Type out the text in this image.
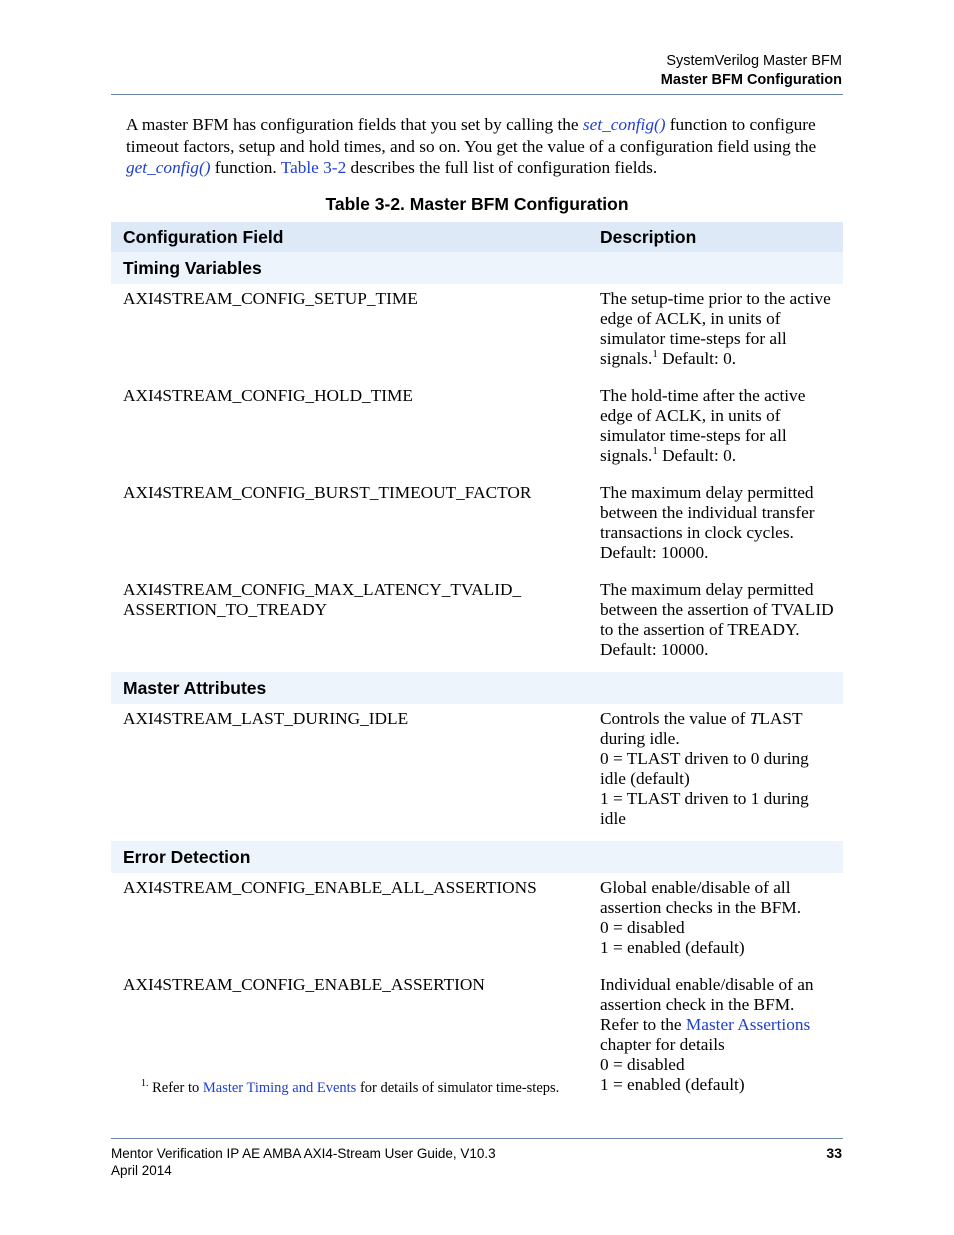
SystemVerilog Master BFM
Master BFM Configuration
A master BFM has configuration fields that you set by calling the set_config() function to configure timeout factors, setup and hold times, and so on. You get the value of a configuration field using the get_config() function. Table 3-2 describes the full list of configuration fields.
Table 3-2. Master BFM Configuration
Configuration Field	Description
Timing Variables	
AXI4STREAM_CONFIG_SETUP_TIME	The setup-time prior to the active edge of ACLK, in units of simulator time-steps for all signals.$^1$ Default: 0.
AXI4STREAM_CONFIG_HOLD_TIME	The hold-time after the active edge of ACLK, in units of simulator time-steps for all signals.$^1$ Default: 0.
AXI4STREAM_CONFIG_BURST_TIMEOUT_FACTOR	The maximum delay permitted between the individual transfer transactions in clock cycles. Default: 10000.

AXI4STREAM_CONFIG_MAX_LATENCY_TVALID_
ASSERTION_TO_TREADY	The maximum delay permitted between the assertion of TVALID to the assertion of TREADY. Default: 10000.
Master Attributes	
AXI4STREAM_LAST_DURING_IDLE	Controls the value of TLAST during idle.
0 = TLAST driven to 0 during idle (default)
1 = TLAST driven to 1 during idle

Error Detection	
AXI4STREAM_CONFIG_ENABLE_ALL_ASSERTIONS	Global enable/disable of all assertion checks in the BFM.
0 = disabled
1 = enabled (default)

AXI4STREAM_CONFIG_ENABLE_ASSERTION	Individual enable/disable of an assertion check in the BFM. Refer to the Master Assertions chapter for details
0 = disabled
1 = enabled (default)
$^{1.}$ Refer to Master Timing and Events for details of simulator time-steps.
Mentor Verification IP AE AMBA AXI4-Stream User Guide, V10.3
April 2014
33
